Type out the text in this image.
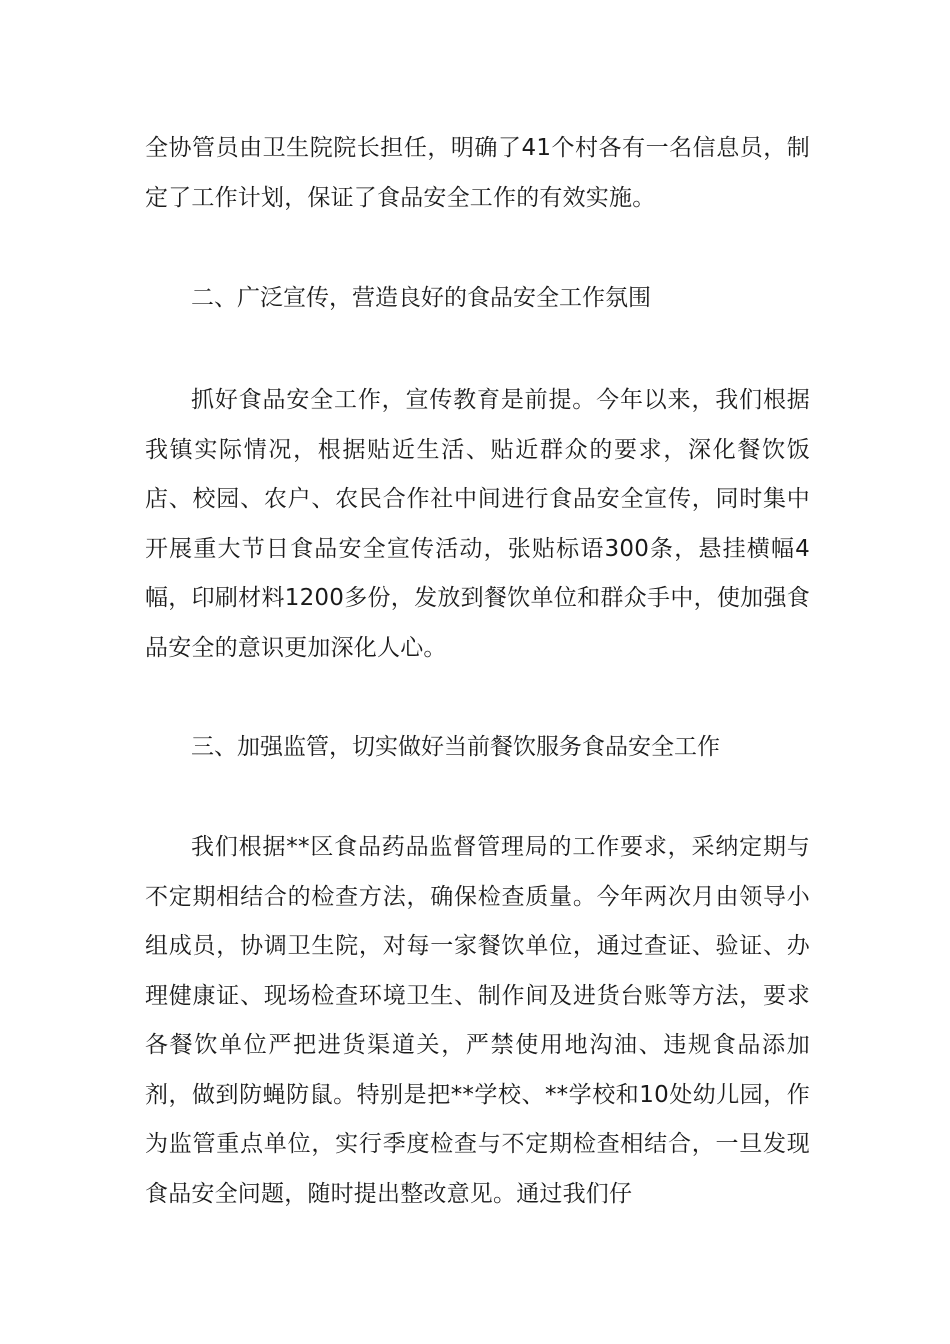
全协管员由卫生院院长担任，明确了41个村各有一名信息员，制定了工作计划，保证了食品安全工作的有效实施。

二、广泛宣传，营造良好的食品安全工作氛围

抓好食品安全工作，宣传教育是前提。今年以来，我们根据我镇实际情况，根据贴近生活、贴近群众的要求，深化餐饮饭店、校园、农户、农民合作社中间进行食品安全宣传，同时集中开展重大节日食品安全宣传活动，张贴标语300条，悬挂横幅4幅，印刷材料1200多份，发放到餐饮单位和群众手中，使加强食品安全的意识更加深化人心。

三、加强监管，切实做好当前餐饮服务食品安全工作

我们根据**区食品药品监督管理局的工作要求，采纳定期与不定期相结合的检查方法，确保检查质量。今年两次月由领导小组成员，协调卫生院，对每一家餐饮单位，通过查证、验证、办理健康证、现场检查环境卫生、制作间及进货台账等方法，要求各餐饮单位严把进货渠道关，严禁使用地沟油、违规食品添加剂，做到防蝇防鼠。特别是把**学校、**学校和10处幼儿园，作为监管重点单位，实行季度检查与不定期检查相结合，一旦发现食品安全问题，随时提出整改意见。通过我们仔
